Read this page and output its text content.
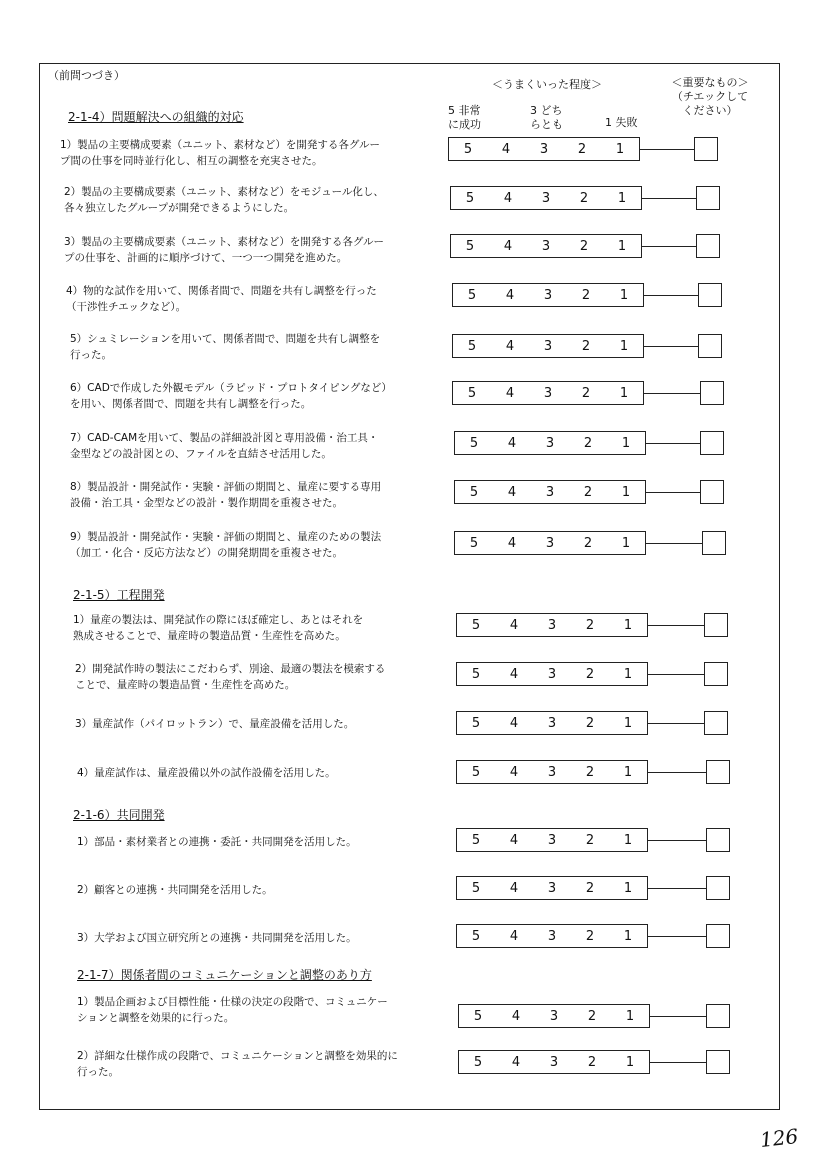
（前問つづき）
＜うまくいった程度＞	＜重要なもの＞
（チエックして
ください）
5 非常
に成功
3 どち
らとも	1 失敗
2-1-4）問題解決への組織的対応
1）製品の主要構成要素（ユニット、素材など）を開発する各グルー
プ間の仕事を同時並行化し、相互の調整を充実させた。
5	4	3	2	1
2）製品の主要構成要素（ユニット、素材など）をモジュール化し、
各々独立したグループが開発できるようにした。
5	4	3	2	1
3）製品の主要構成要素（ユニット、素材など）を開発する各グルー
プの仕事を、計画的に順序づけて、一つ一つ開発を進めた。
5	4	3	2	1
4）物的な試作を用いて、関係者間で、問題を共有し調整を行った
（干渉性チエックなど）。
5	4	3	2	1
5）シュミレーションを用いて、関係者間で、問題を共有し調整を
行った。
5	4	3	2	1
6）CADで作成した外観モデル（ラピッド・プロトタイピングなど）
を用い、関係者間で、問題を共有し調整を行った。
5	4	3	2	1
7）CAD-CAMを用いて、製品の詳細設計図と専用設備・治工具・
金型などの設計図との、ファイルを直結させ活用した。
5	4	3	2	1
8）製品設計・開発試作・実験・評価の期間と、量産に要する専用
設備・治工具・金型などの設計・製作期間を重複させた。
5	4	3	2	1
9）製品設計・開発試作・実験・評価の期間と、量産のための製法
（加工・化合・反応方法など）の開発期間を重複させた。
5	4	3	2	1
2-1-5）工程開発
1）量産の製法は、開発試作の際にほぼ確定し、あとはそれを
熟成させることで、量産時の製造品質・生産性を高めた。
5	4	3	2	1
2）開発試作時の製法にこだわらず、別途、最適の製法を模索する
ことで、量産時の製造品質・生産性を高めた。
5	4	3	2	1
3）量産試作（パイロットラン）で、量産設備を活用した。	5	4	3	2	1
4）量産試作は、量産設備以外の試作設備を活用した。	5	4	3	2	1
2-1-6）共同開発
1）部品・素材業者との連携・委託・共同開発を活用した。	5	4	3	2	1
2）顧客との連携・共同開発を活用した。	5	4	3	2	1
3）大学および国立研究所との連携・共同開発を活用した。	5	4	3	2	1
2-1-7）関係者間のコミュニケーションと調整のあり方
1）製品企画および目標性能・仕様の決定の段階で、コミュニケー
ションと調整を効果的に行った。	5	4	3	2	1
2）詳細な仕様作成の段階で、コミュニケーションと調整を効果的に
行った。
5	4	3	2	1
126
